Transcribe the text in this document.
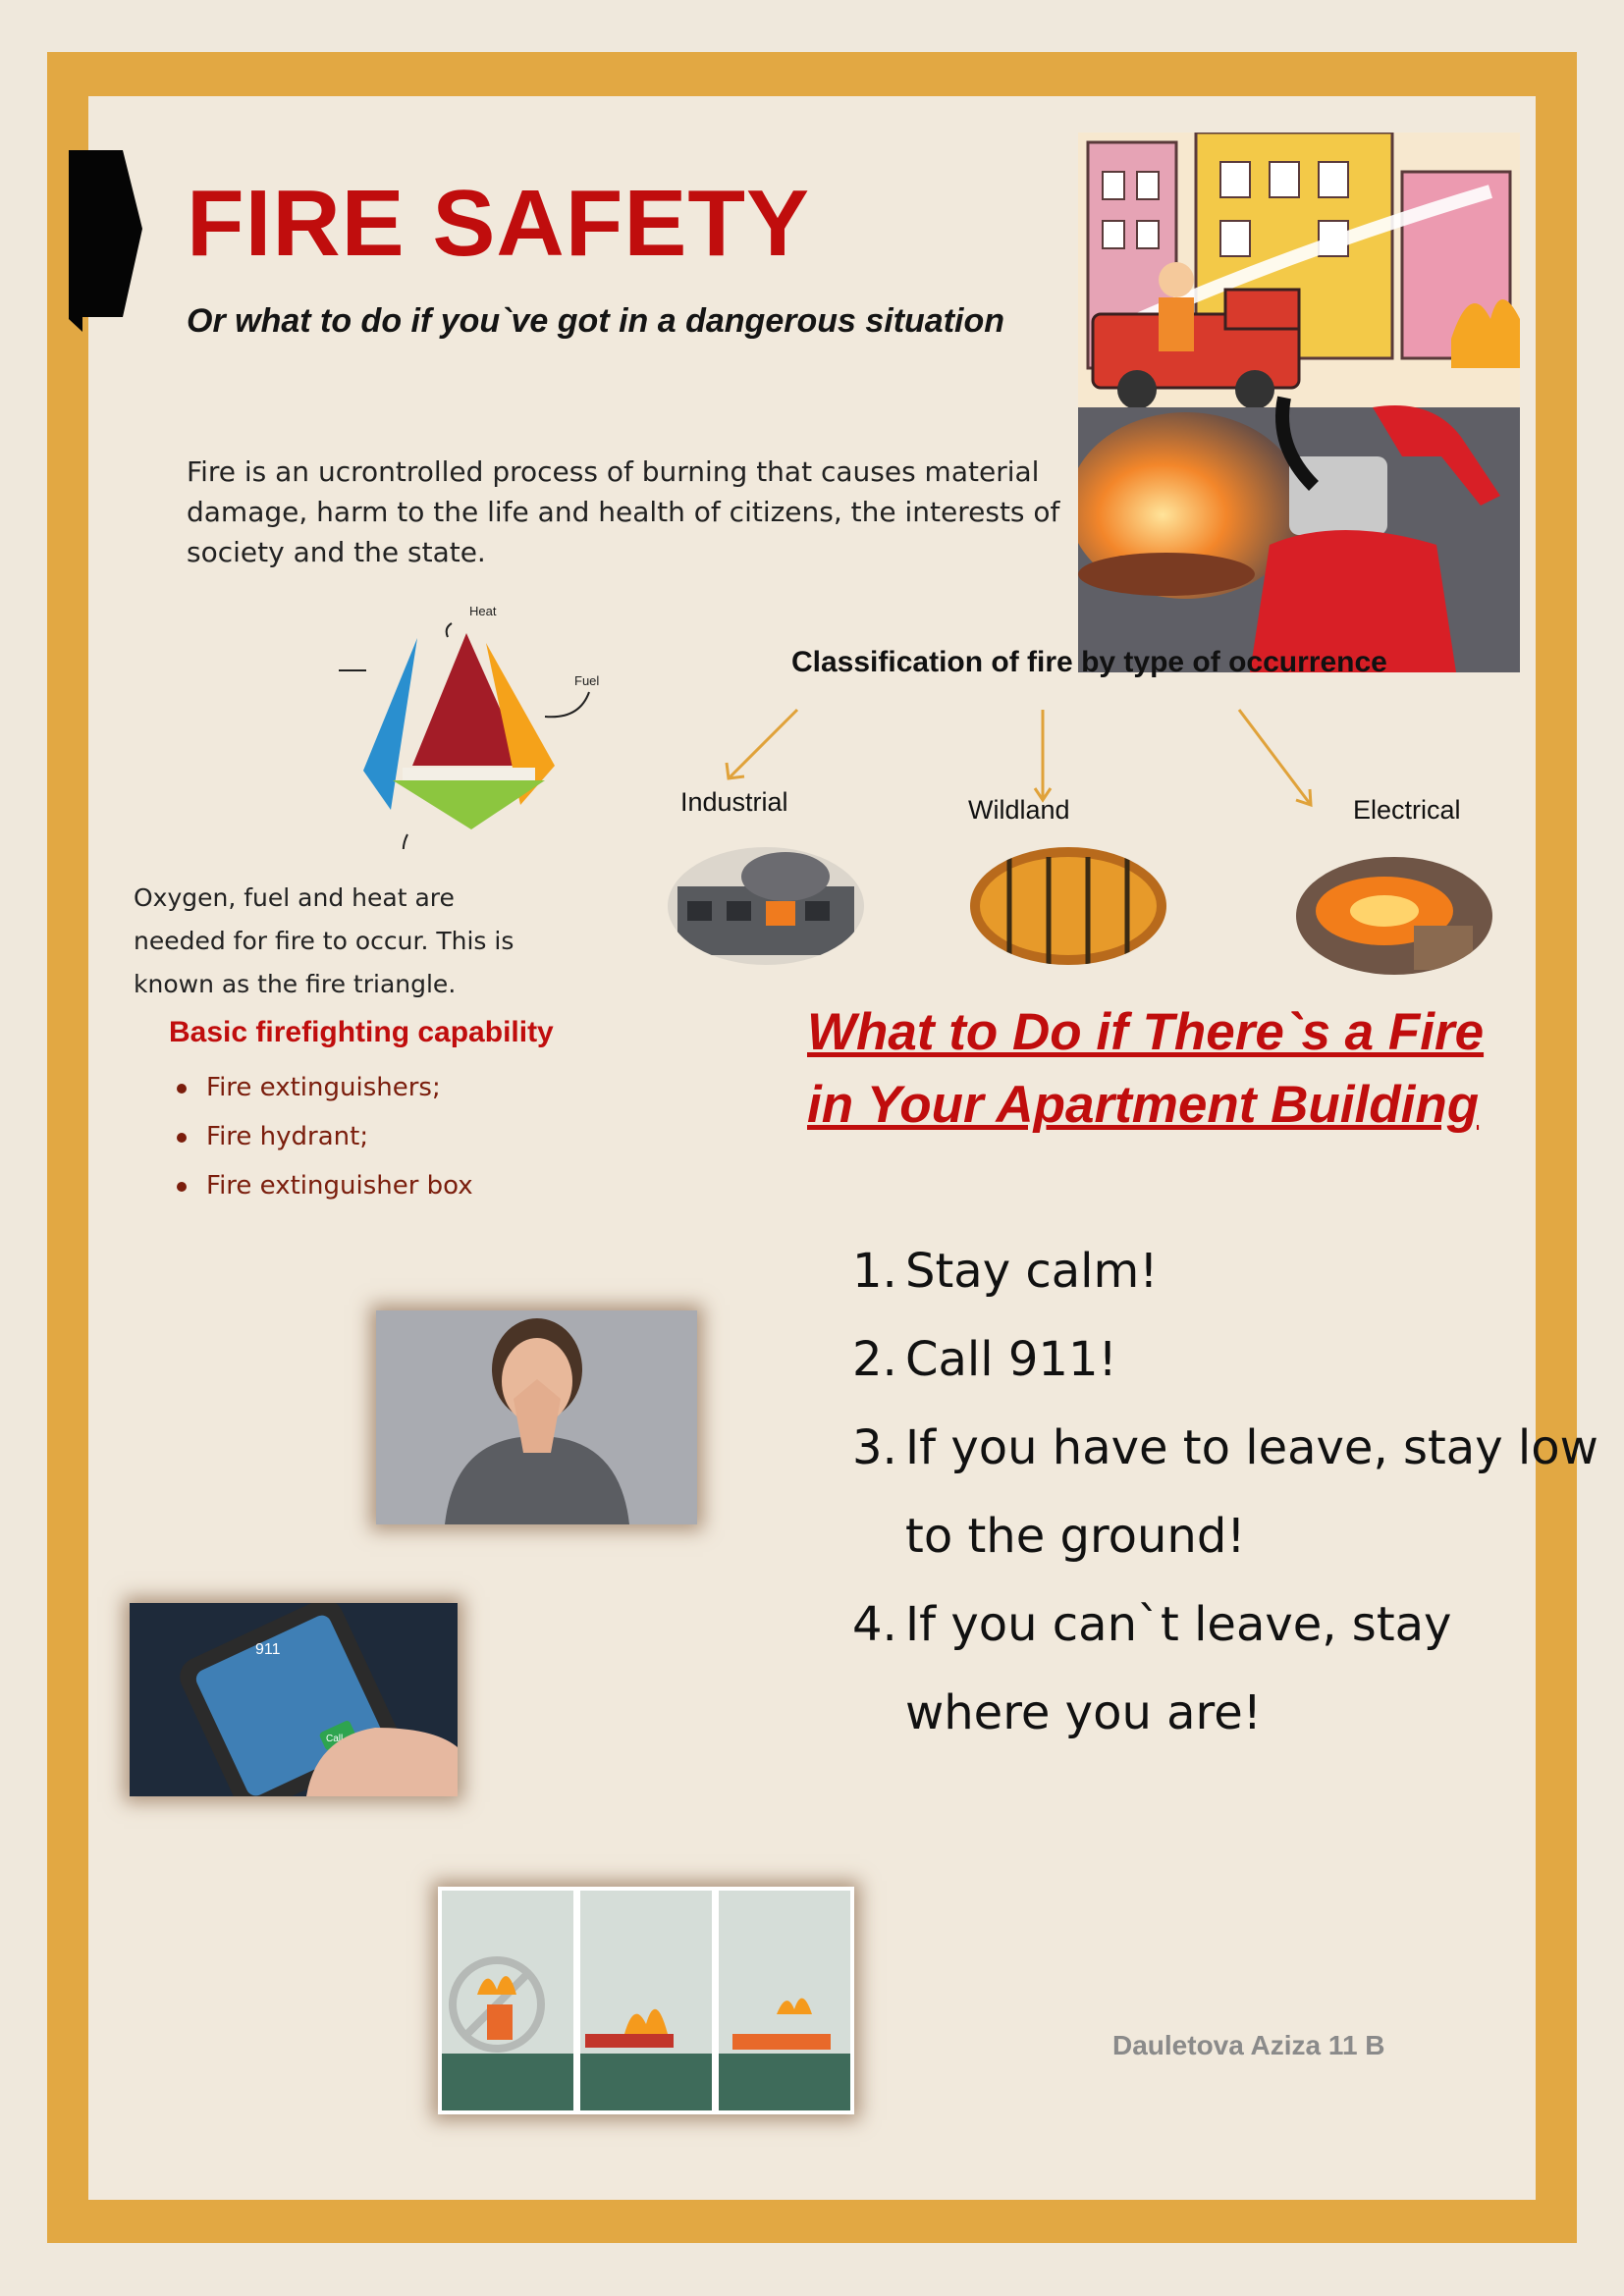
FIRE SAFETY

Or what to do if you`ve got in a dangerous situation

Fire is an ucrontrolled process of burning that causes material damage, harm to the life and health of citizens, the interests of society and the state.

Heat
Fuel

Oxygen, fuel and heat are needed for fire to occur. This is known as the fire triangle.

Classification of fire by type of occurrence

Industrial	Wildland	Electrical

Basic firefighting capability

Fire extinguishers;
Fire hydrant;
Fire extinguisher box
What to Do if There`s a Fire
in Your Apartment Building
1. Stay calm!
2. Call 911!
3. If you have to leave, stay low to the ground!
4. If you can`t leave, stay where you are!
911
Call

Dauletova Aziza 11 B
